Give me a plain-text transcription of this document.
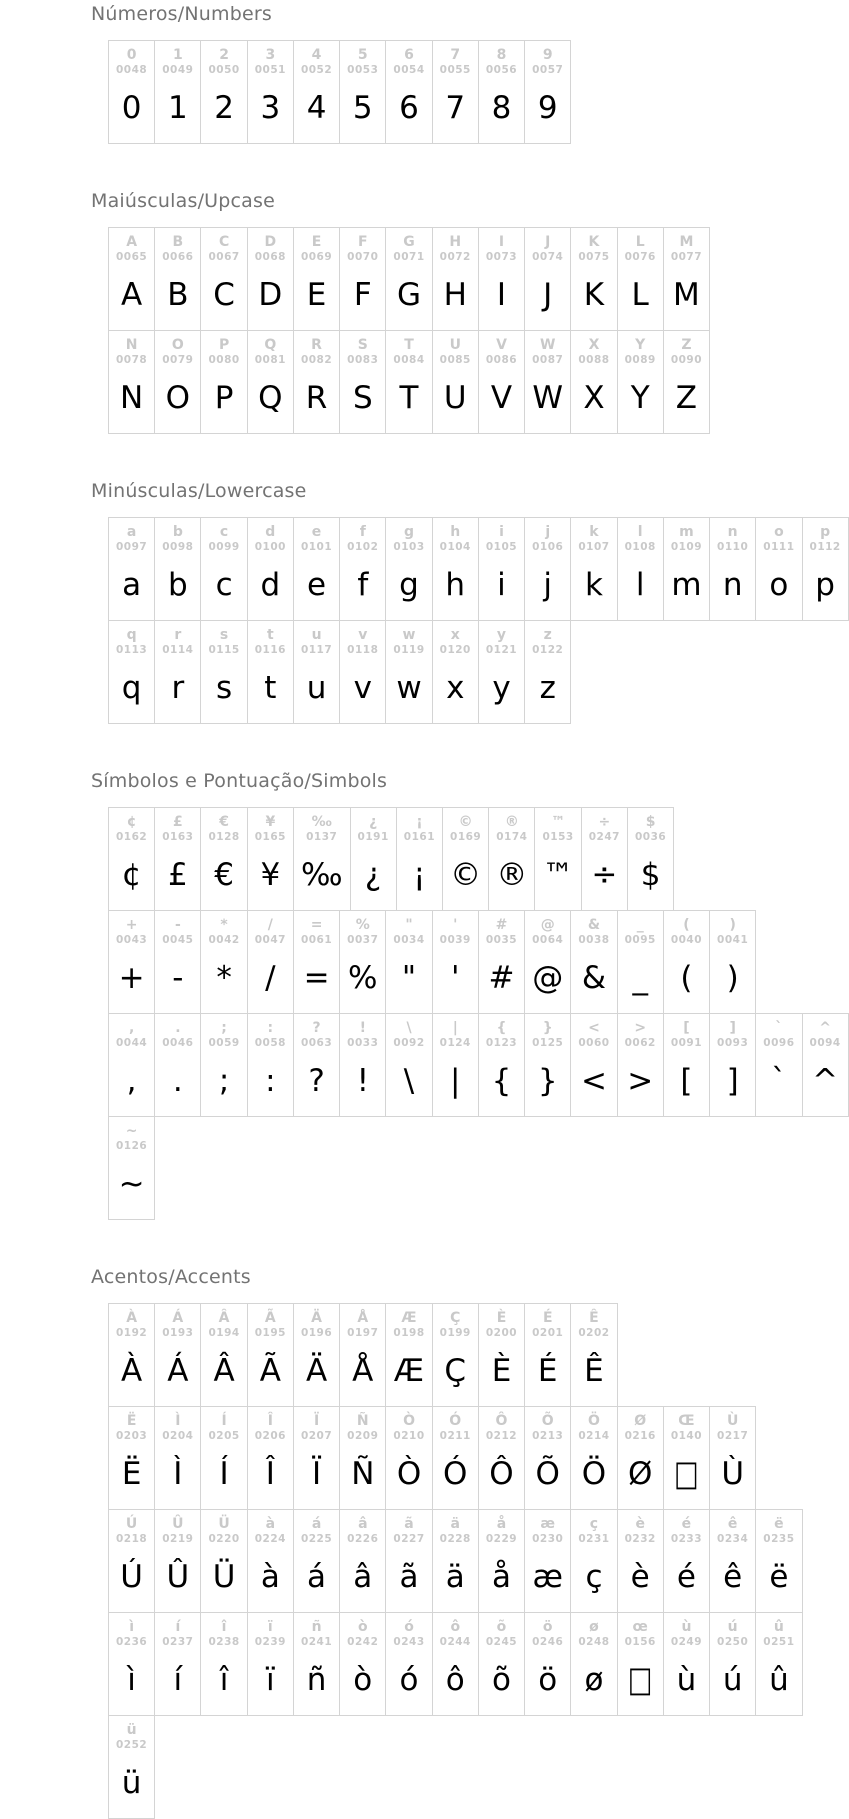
Números/Numbers
0
0048
0
1
0049
1
2
0050
2
3
0051
3
4
0052
4
5
0053
5
6
0054
6
7
0055
7
8
0056
8
9
0057
9
Maiúsculas/Upcase
A
0065
A
B
0066
B
C
0067
C
D
0068
D
E
0069
E
F
0070
F
G
0071
G
H
0072
H
I
0073
I
J
0074
J
K
0075
K
L
0076
L
M
0077
M
N
0078
N
O
0079
O
P
0080
P
Q
0081
Q
R
0082
R
S
0083
S
T
0084
T
U
0085
U
V
0086
V
W
0087
W
X
0088
X
Y
0089
Y
Z
0090
Z
Minúsculas/Lowercase
a
0097
a
b
0098
b
c
0099
c
d
0100
d
e
0101
e
f
0102
f
g
0103
g
h
0104
h
i
0105
i
j
0106
j
k
0107
k
l
0108
l
m
0109
m
n
0110
n
o
0111
o
p
0112
p
q
0113
q
r
0114
r
s
0115
s
t
0116
t
u
0117
u
v
0118
v
w
0119
w
x
0120
x
y
0121
y
z
0122
z
Símbolos e Pontuação/Simbols
¢
0162
¢
£
0163
£
€
0128
€
¥
0165
¥
‰
0137
‰
¿
0191
¿
¡
0161
¡
©
0169
©
®
0174
®
™
0153
™
÷
0247
÷
$
0036
$
+
0043
+
-
0045
-
*
0042
*
/
0047
/
=
0061
=
%
0037
%
"
0034
"
'
0039
'
#
0035
#
@
0064
@
&
0038
&
_
0095
_
(
0040
(
)
0041
)
,
0044
,
.
0046
.
;
0059
;
:
0058
:
?
0063
?
!
0033
!
\
0092
\
|
0124
|
{
0123
{
}
0125
}
<
0060
<
>
0062
>
[
0091
[
]
0093
]
`
0096
`
^
0094
^
~
0126
~
Acentos/Accents
À
0192
À
Á
0193
Á
Â
0194
Â
Ã
0195
Ã
Ä
0196
Ä
Å
0197
Å
Æ
0198
Æ
Ç
0199
Ç
È
0200
È
É
0201
É
Ê
0202
Ê
Ë
0203
Ë
Ì
0204
Ì
Í
0205
Í
Î
0206
Î
Ï
0207
Ï
Ñ
0209
Ñ
Ò
0210
Ò
Ó
0211
Ó
Ô
0212
Ô
Õ
0213
Õ
Ö
0214
Ö
Ø
0216
Ø
Œ
0140
□
Ù
0217
Ù
Ú
0218
Ú
Û
0219
Û
Ü
0220
Ü
à
0224
à
á
0225
á
â
0226
â
ã
0227
ã
ä
0228
ä
å
0229
å
æ
0230
æ
ç
0231
ç
è
0232
è
é
0233
é
ê
0234
ê
ë
0235
ë
ì
0236
ì
í
0237
í
î
0238
î
ï
0239
ï
ñ
0241
ñ
ò
0242
ò
ó
0243
ó
ô
0244
ô
õ
0245
õ
ö
0246
ö
ø
0248
ø
œ
0156
□
ù
0249
ù
ú
0250
ú
û
0251
û
ü
0252
ü
